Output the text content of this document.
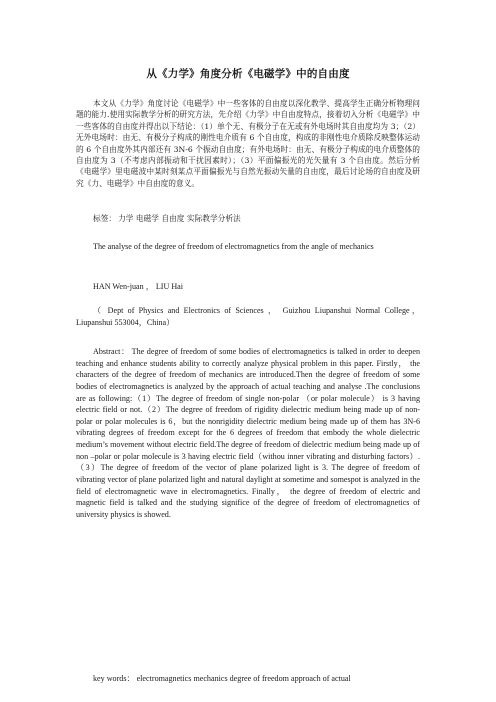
从《力学》角度分析《电磁学》中的自由度
本文从《力学》角度讨论《电磁学》中一些客体的自由度以深化教学、提高学生正确分析物理问题的能力.使用实际教学分析的研究方法，先介绍《力学》中自由度特点，接着切入分析《电磁学》中一些客体的自由度并得出以下结论：（1）单个无、有极分子在无或有外电场时其自由度均为 3；（2）无外电场时：由无、有极分子构成的刚性电介质有 6 个自由度，构成的非刚性电介质除反映整体运动的 6 个自由度外其内部还有 3N-6 个振动自由度；有外电场时：由无、有极分子构成的电介质整体的自由度为 3（不考虑内部振动和干扰因素时）；（3）平面偏振光的光矢量有 3 个自由度。然后分析《电磁学》里电磁波中某时刻某点平面偏振光与自然光振动矢量的自由度，最后讨论场的自由度及研究《力、电磁学》中自由度的意义。
标签： 力学 电磁学 自由度 实际教学分析法
The analyse of the degree of freedom of electromagnetics from the angle of mechanics
HAN Wen-juan ， LIU Hai
（ Dept of Physics and Electronics of Sciences ， Guizhou Liupanshui Normal College， Liupanshui 553004，China）
Abstract： The degree of freedom of some bodies of electromagnetics is talked in order to deepen teaching and enhance students ability to correctly analyze physical problem in this paper. Firstly， the characters of the degree of freedom of mechanics are introduced.Then the degree of freedom of some bodies of electromagnetics is analyzed by the approach of actual teaching and analyse .The conclusions are as following:（1）The degree of freedom of single non-polar （or polar molecule） is 3 having electric field or not.（2）The degree of freedom of rigidity dielectric medium being made up of non-polar or polar molecules is 6，but the nonrigidity dielectric medium being made up of them has 3N-6 vibrating degrees of freedom except for the 6 degrees of freedom that embody the whole dielectric medium’s movement without electric field.The degree of freedom of dielectric medium being made up of non –polar or polar molecule is 3 having electric field（withou inner vibrating and disturbing factors）.（3）The degree of freedom of the vector of plane polarized light is 3. The degree of freedom of vibrating vector of plane polarized light and natural daylight at sometime and somespot is analyzed in the field of electromagnetic wave in electromagnetics. Finally， the degree of freedom of electric and magnetic field is talked and the studying significe of the degree of freedom of electromagnetics of university physics is showed.
key words： electromagnetics mechanics degree of freedom approach of actual
